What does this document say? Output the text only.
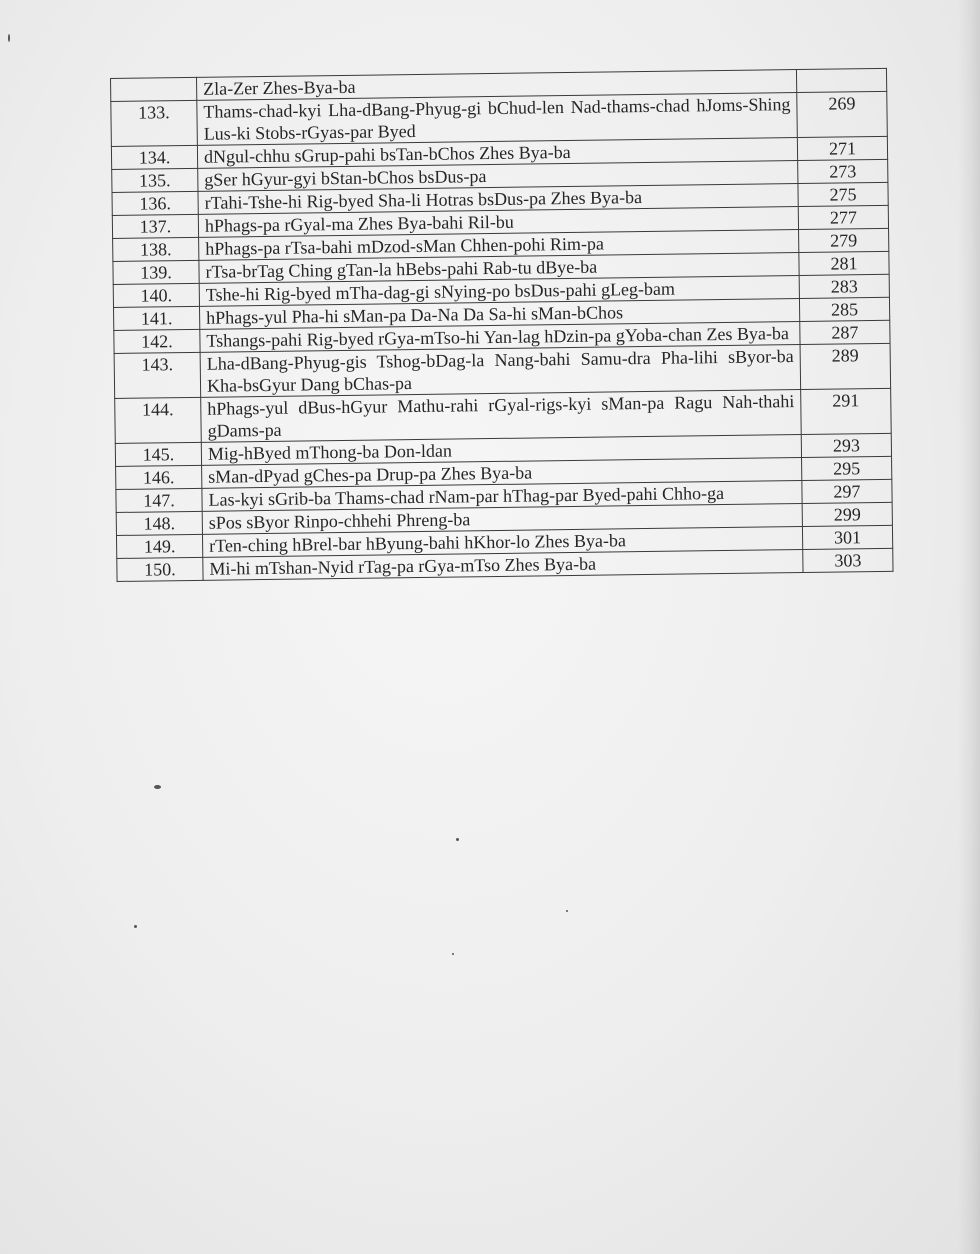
	Zla-Zer Zhes-Bya-ba	
133.	Thams-chad-kyi Lha-dBang-Phyug-gi bChud-len Nad-thams-chad hJoms-Shing Lus-ki Stobs-rGyas-par Byed	269
134.	dNgul-chhu sGrup-pahi bsTan-bChos Zhes Bya-ba	271
135.	gSer hGyur-gyi bStan-bChos bsDus-pa	273
136.	rTahi-Tshe-hi Rig-byed Sha-li Hotras bsDus-pa Zhes Bya-ba	275
137.	hPhags-pa rGyal-ma Zhes Bya-bahi Ril-bu	277
138.	hPhags-pa rTsa-bahi mDzod-sMan Chhen-pohi Rim-pa	279
139.	rTsa-brTag Ching gTan-la hBebs-pahi Rab-tu dBye-ba	281
140.	Tshe-hi Rig-byed mTha-dag-gi sNying-po bsDus-pahi gLeg-bam	283
141.	hPhags-yul Pha-hi sMan-pa Da-Na Da Sa-hi sMan-bChos	285
142.	Tshangs-pahi Rig-byed rGya-mTso-hi Yan-lag hDzin-pa gYoba-chan Zes Bya-ba	287
143.	Lha-dBang-Phyug-gis Tshog-bDag-la Nang-bahi Samu-dra Pha-lihi sByor-ba Kha-bsGyur Dang bChas-pa	289
144.	hPhags-yul dBus-hGyur Mathu-rahi rGyal-rigs-kyi sMan-pa Ragu Nah-thahi gDams-pa	291
145.	Mig-hByed mThong-ba Don-ldan	293
146.	sMan-dPyad gChes-pa Drup-pa Zhes Bya-ba	295
147.	Las-kyi sGrib-ba Thams-chad rNam-par hThag-par Byed-pahi Chho-ga	297
148.	sPos sByor Rinpo-chhehi Phreng-ba	299
149.	rTen-ching hBrel-bar hByung-bahi hKhor-lo Zhes Bya-ba	301
150.	Mi-hi mTshan-Nyid rTag-pa rGya-mTso Zhes Bya-ba	303
